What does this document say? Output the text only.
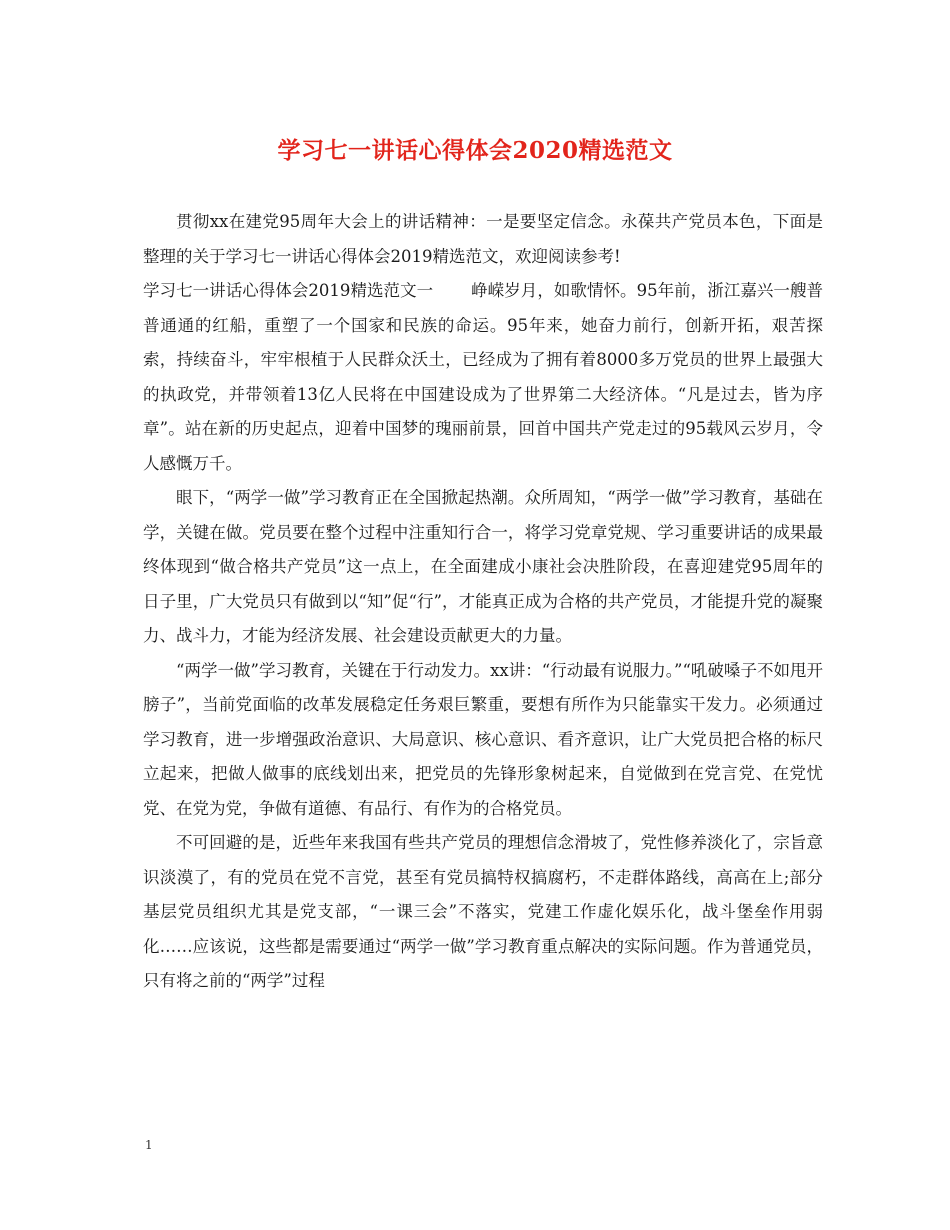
学习七一讲话心得体会2020精选范文

贯彻xx在建党95周年大会上的讲话精神：一是要坚定信念。永葆共产党员本色，下面是整理的关于学习七一讲话心得体会2019精选范文，欢迎阅读参考!

学习七一讲话心得体会2019精选范文一 峥嵘岁月，如歌情怀。95年前，浙江嘉兴一艘普普通通的红船，重塑了一个国家和民族的命运。95年来，她奋力前行，创新开拓，艰苦探索，持续奋斗，牢牢根植于人民群众沃土，已经成为了拥有着8000多万党员的世界上最强大的执政党，并带领着13亿人民将在中国建设成为了世界第二大经济体。“凡是过去，皆为序章”。站在新的历史起点，迎着中国梦的瑰丽前景，回首中国共产党走过的95载风云岁月，令人感慨万千。

眼下，“两学一做”学习教育正在全国掀起热潮。众所周知，“两学一做”学习教育，基础在学，关键在做。党员要在整个过程中注重知行合一，将学习党章党规、学习重要讲话的成果最终体现到“做合格共产党员”这一点上，在全面建成小康社会决胜阶段，在喜迎建党95周年的日子里，广大党员只有做到以“知”促“行”，才能真正成为合格的共产党员，才能提升党的凝聚力、战斗力，才能为经济发展、社会建设贡献更大的力量。

“两学一做”学习教育，关键在于行动发力。xx讲：“行动最有说服力。”“吼破嗓子不如甩开膀子”，当前党面临的改革发展稳定任务艰巨繁重，要想有所作为只能靠实干发力。必须通过学习教育，进一步增强政治意识、大局意识、核心意识、看齐意识，让广大党员把合格的标尺立起来，把做人做事的底线划出来，把党员的先锋形象树起来，自觉做到在党言党、在党忧党、在党为党，争做有道德、有品行、有作为的合格党员。

不可回避的是，近些年来我国有些共产党员的理想信念滑坡了，党性修养淡化了，宗旨意识淡漠了，有的党员在党不言党，甚至有党员搞特权搞腐朽，不走群体路线，高高在上;部分基层党员组织尤其是党支部，“一课三会”不落实，党建工作虚化娱乐化，战斗堡垒作用弱化……应该说，这些都是需要通过“两学一做”学习教育重点解决的实际问题。作为普通党员，只有将之前的“两学”过程

1
